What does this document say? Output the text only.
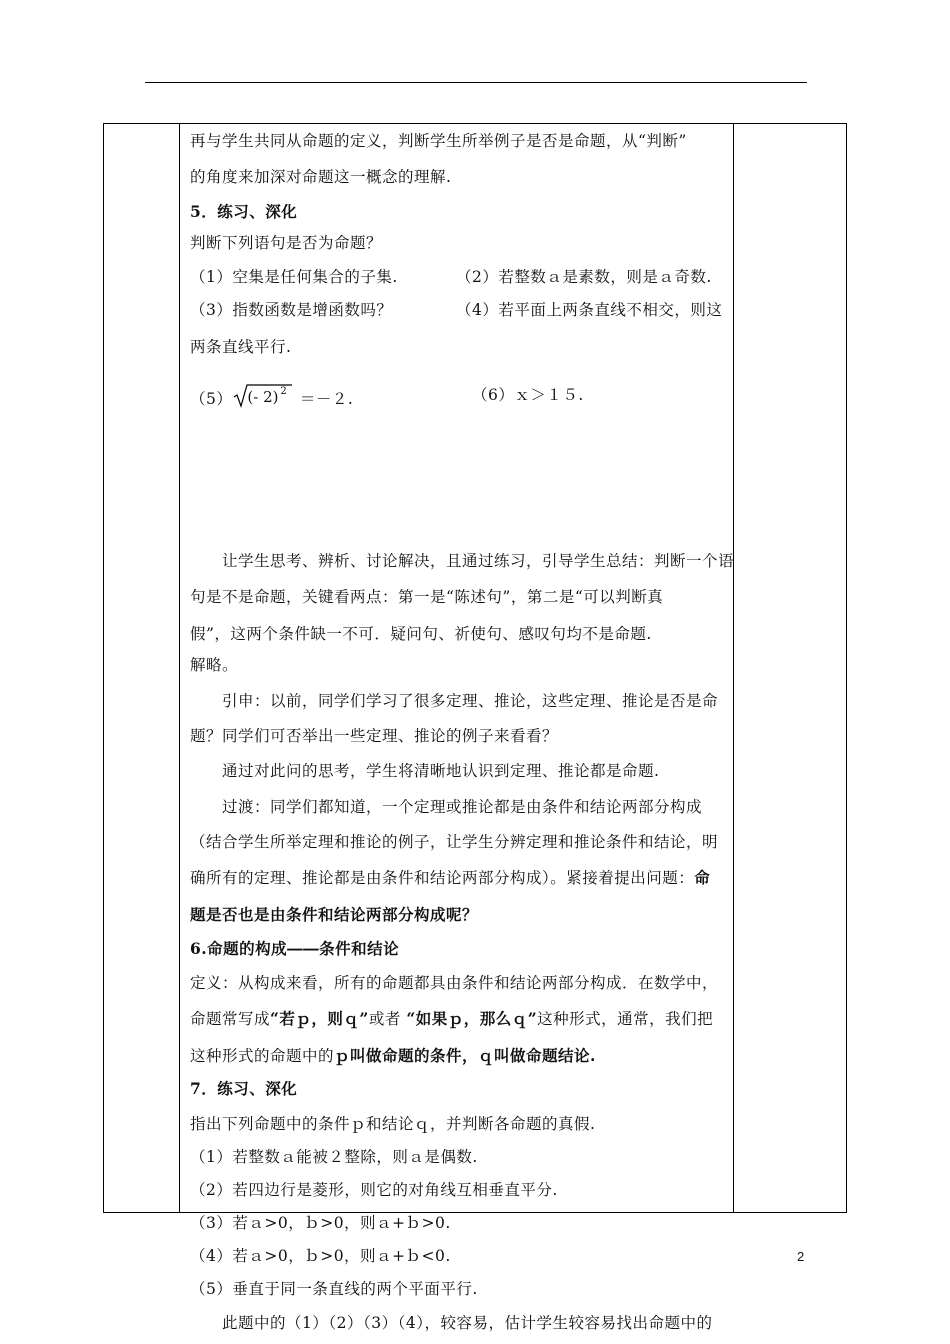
再与学生共同从命题的定义，判断学生所举例子是否是命题，从“判断”
的角度来加深对命题这一概念的理解.
5．练习、深化
判断下列语句是否为命题？
（1）空集是任何集合的子集.	（2）若整数ａ是素数，则是ａ奇数.
（3）指数函数是增函数吗？	（4）若平面上两条直线不相交，则这
两条直线平行.
（5） (- 2) 2 ＝－２.	（6）ｘ＞１５.
让学生思考、辨析、讨论解决，且通过练习，引导学生总结：判断一个语
句是不是命题，关键看两点：第一是“陈述句”，第二是“可以判断真
假”，这两个条件缺一不可．疑问句、祈使句、感叹句均不是命题.
解略。
引申：以前，同学们学习了很多定理、推论，这些定理、推论是否是命
题？同学们可否举出一些定理、推论的例子来看看？
通过对此问的思考，学生将清晰地认识到定理、推论都是命题.
过渡：同学们都知道，一个定理或推论都是由条件和结论两部分构成
（结合学生所举定理和推论的例子，让学生分辨定理和推论条件和结论，明
确所有的定理、推论都是由条件和结论两部分构成）。紧接着提出问题：命
题是否也是由条件和结论两部分构成呢？
6.命题的构成――条件和结论
定义：从构成来看，所有的命题都具由条件和结论两部分构成．在数学中，
命题常写成“若ｐ，则ｑ”或者 “如果ｐ，那么ｑ”这种形式，通常，我们把
这种形式的命题中的ｐ叫做命题的条件，ｑ叫做命题结论.
7．练习、深化
指出下列命题中的条件ｐ和结论ｑ，并判断各命题的真假.
（1）若整数ａ能被２整除，则ａ是偶数.
（2）若四边行是菱形，则它的对角线互相垂直平分.
（3）若ａ>0，ｂ>0，则ａ+ｂ>0.
（4）若ａ>0，ｂ>0，则ａ+ｂ<0.
（5）垂直于同一条直线的两个平面平行.
此题中的（1）（2）（3）（4），较容易，估计学生较容易找出命题中的
2
